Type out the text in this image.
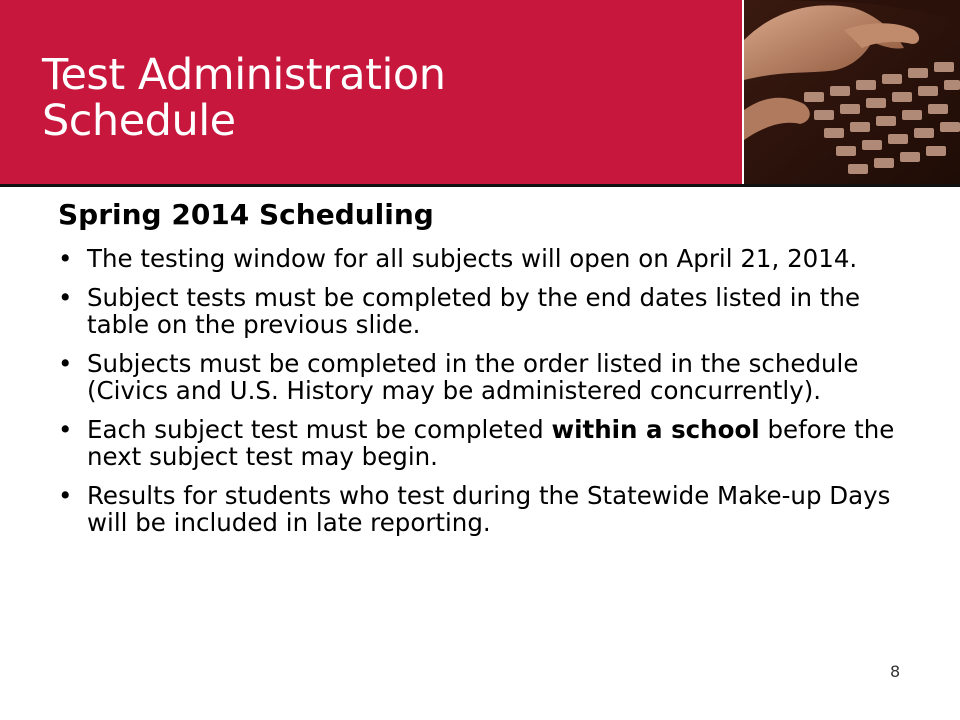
Test Administration
Schedule
Spring 2014 Scheduling
• The testing window for all subjects will open on April 21, 2014.
• Subject tests must be completed by the end dates listed in the table on the previous slide.
• Subjects must be completed in the order listed in the schedule (Civics and U.S. History may be administered concurrently).
• Each subject test must be completed within a school before the next subject test may begin.
• Results for students who test during the Statewide Make-up Days will be included in late reporting.
8
